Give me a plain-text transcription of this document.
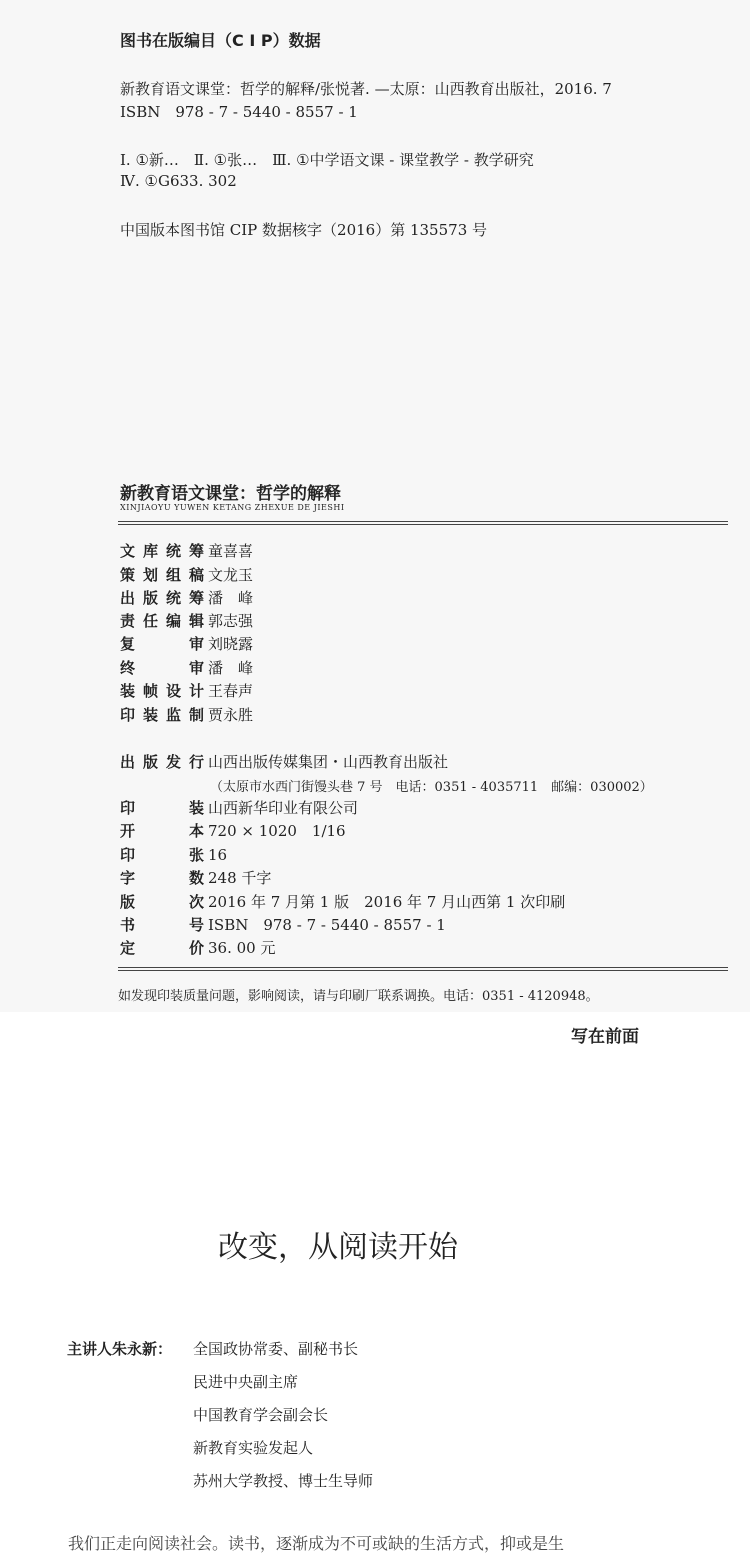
图书在版编目（C I P）数据
新教育语文课堂：哲学的解释/张悦著. —太原：山西教育出版社，2016. 7
ISBN　978 - 7 - 5440 - 8557 - 1
Ⅰ. ①新…　Ⅱ. ①张…　Ⅲ. ①中学语文课 - 课堂教学 - 教学研究
Ⅳ. ①G633. 302
中国版本图书馆 CIP 数据核字（2016）第 135573 号
新教育语文课堂：哲学的解释
XINJIAOYU YUWEN KETANG ZHEXUE DE JIESHI
文库统筹 童喜喜
策划组稿 文龙玉
出版统筹 潘　峰
责任编辑 郭志强
复审 刘晓露
终审 潘　峰
装帧设计 王春声
印装监制 贾永胜
出版发行 山西出版传媒集团・山西教育出版社
（太原市水西门街馒头巷 7 号　电话：0351 - 4035711　邮编：030002）
印装 山西新华印业有限公司
开本 720 × 1020　1/16
印张 16
字数 248 千字
版次 2016 年 7 月第 1 版　2016 年 7 月山西第 1 次印刷
书号 ISBN　978 - 7 - 5440 - 8557 - 1
定价 36. 00 元
如发现印装质量问题，影响阅读，请与印刷厂联系调换。电话：0351 - 4120948。
写在前面
改变，从阅读开始
主讲人朱永新： 全国政协常委、副秘书长
民进中央副主席
中国教育学会副会长
新教育实验发起人
苏州大学教授、博士生导师
我们正走向阅读社会。读书，逐渐成为不可或缺的生活方式，抑或是生
